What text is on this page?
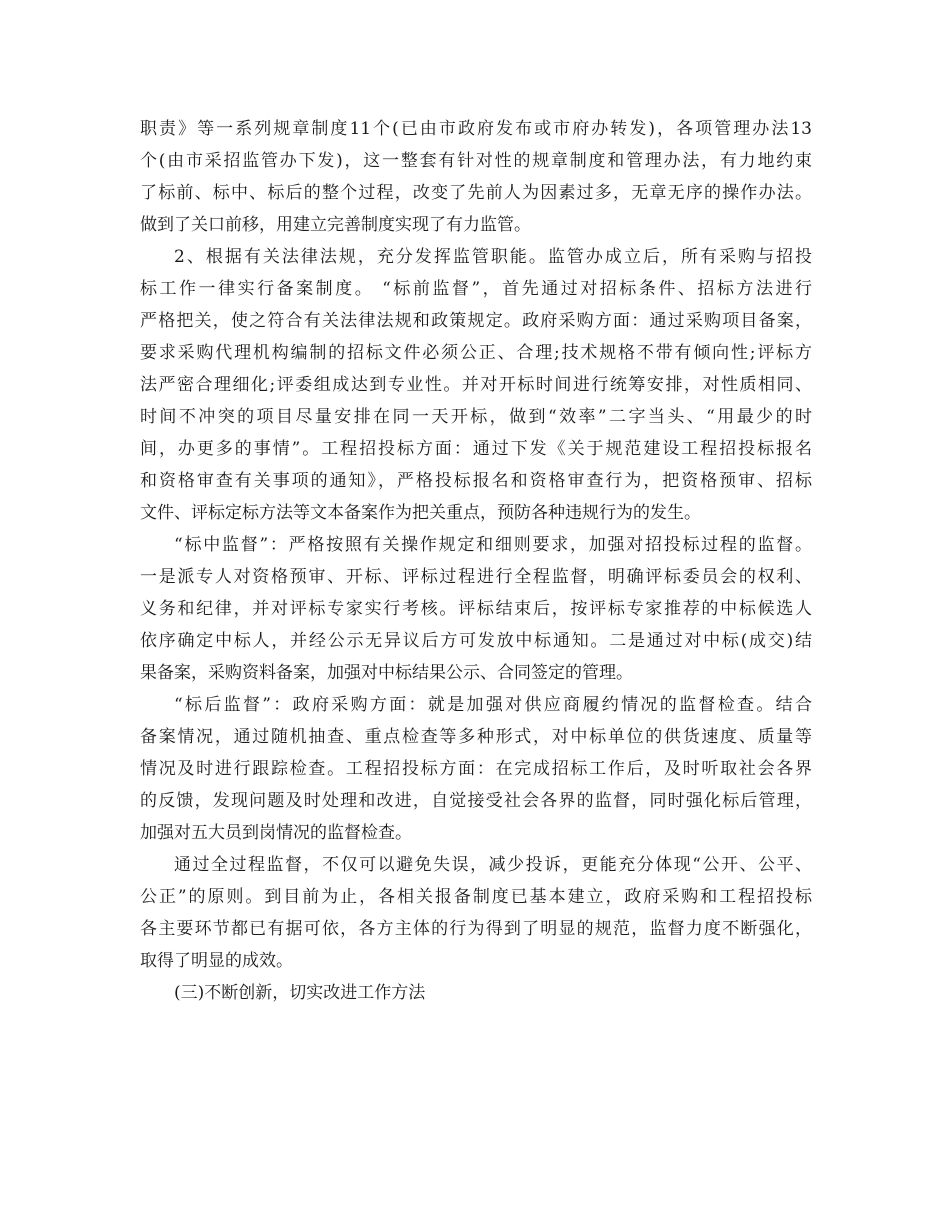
职责》等一系列规章制度11个(已由市政府发布或市府办转发)，各项管理办法13
个(由市采招监管办下发)，这一整套有针对性的规章制度和管理办法，有力地约束
了标前、标中、标后的整个过程，改变了先前人为因素过多，无章无序的操作办法。
做到了关口前移，用建立完善制度实现了有力监管。
2、根据有关法律法规，充分发挥监管职能。监管办成立后，所有采购与招投
标工作一律实行备案制度。 “标前监督”，首先通过对招标条件、招标方法进行
严格把关，使之符合有关法律法规和政策规定。政府采购方面：通过采购项目备案，
要求采购代理机构编制的招标文件必须公正、合理;技术规格不带有倾向性;评标方
法严密合理细化;评委组成达到专业性。并对开标时间进行统筹安排，对性质相同、
时间不冲突的项目尽量安排在同一天开标，做到“效率”二字当头、“用最少的时
间，办更多的事情”。工程招投标方面：通过下发《关于规范建设工程招投标报名
和资格审查有关事项的通知》，严格投标报名和资格审查行为，把资格预审、招标
文件、评标定标方法等文本备案作为把关重点，预防各种违规行为的发生。
“标中监督”：严格按照有关操作规定和细则要求，加强对招投标过程的监督。
一是派专人对资格预审、开标、评标过程进行全程监督，明确评标委员会的权利、
义务和纪律，并对评标专家实行考核。评标结束后，按评标专家推荐的中标候选人
依序确定中标人，并经公示无异议后方可发放中标通知。二是通过对中标(成交)结
果备案，采购资料备案，加强对中标结果公示、合同签定的管理。
“标后监督”：政府采购方面：就是加强对供应商履约情况的监督检查。结合
备案情况，通过随机抽查、重点检查等多种形式，对中标单位的供货速度、质量等
情况及时进行跟踪检查。工程招投标方面：在完成招标工作后，及时听取社会各界
的反馈，发现问题及时处理和改进，自觉接受社会各界的监督，同时强化标后管理，
加强对五大员到岗情况的监督检查。
通过全过程监督，不仅可以避免失误，减少投诉，更能充分体现“公开、公平、
公正”的原则。到目前为止，各相关报备制度已基本建立，政府采购和工程招投标
各主要环节都已有据可依，各方主体的行为得到了明显的规范，监督力度不断强化，
取得了明显的成效。
(三)不断创新，切实改进工作方法
